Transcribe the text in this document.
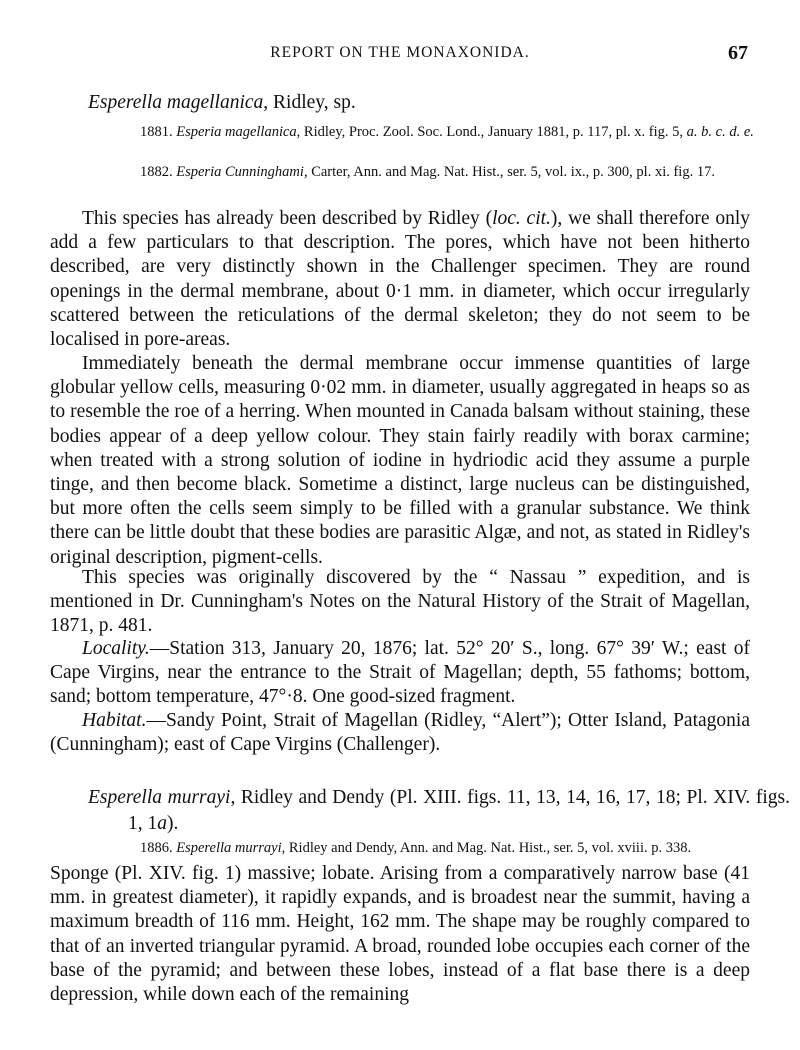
REPORT ON THE MONAXONIDA.	67
Esperella magellanica, Ridley, sp.
1881. Esperia magellanica, Ridley, Proc. Zool. Soc. Lond., January 1881, p. 117, pl. x. fig. 5, a. b. c. d. e.
1882. Esperia Cunninghami, Carter, Ann. and Mag. Nat. Hist., ser. 5, vol. ix., p. 300, pl. xi. fig. 17.
This species has already been described by Ridley (loc. cit.), we shall therefore only add a few particulars to that description. The pores, which have not been hitherto described, are very distinctly shown in the Challenger specimen. They are round openings in the dermal membrane, about 0·1 mm. in diameter, which occur irregularly scattered between the reticulations of the dermal skeleton; they do not seem to be localised in pore-areas.
Immediately beneath the dermal membrane occur immense quantities of large globular yellow cells, measuring 0·02 mm. in diameter, usually aggregated in heaps so as to resemble the roe of a herring. When mounted in Canada balsam without staining, these bodies appear of a deep yellow colour. They stain fairly readily with borax carmine; when treated with a strong solution of iodine in hydriodic acid they assume a purple tinge, and then become black. Sometime a distinct, large nucleus can be distinguished, but more often the cells seem simply to be filled with a granular substance. We think there can be little doubt that these bodies are parasitic Algæ, and not, as stated in Ridley's original description, pigment-cells.
This species was originally discovered by the “ Nassau ” expedition, and is mentioned in Dr. Cunningham's Notes on the Natural History of the Strait of Magellan, 1871, p. 481.
Locality.—Station 313, January 20, 1876; lat. 52° 20′ S., long. 67° 39′ W.; east of Cape Virgins, near the entrance to the Strait of Magellan; depth, 55 fathoms; bottom, sand; bottom temperature, 47°·8. One good-sized fragment.
Habitat.—Sandy Point, Strait of Magellan (Ridley, “Alert”); Otter Island, Patagonia (Cunningham); east of Cape Virgins (Challenger).
Esperella murrayi, Ridley and Dendy (Pl. XIII. figs. 11, 13, 14, 16, 17, 18; Pl. XIV. figs. 1, 1a).
1886. Esperella murrayi, Ridley and Dendy, Ann. and Mag. Nat. Hist., ser. 5, vol. xviii. p. 338.
Sponge (Pl. XIV. fig. 1) massive; lobate. Arising from a comparatively narrow base (41 mm. in greatest diameter), it rapidly expands, and is broadest near the summit, having a maximum breadth of 116 mm. Height, 162 mm. The shape may be roughly compared to that of an inverted triangular pyramid. A broad, rounded lobe occupies each corner of the base of the pyramid; and between these lobes, instead of a flat base there is a deep depression, while down each of the remaining
